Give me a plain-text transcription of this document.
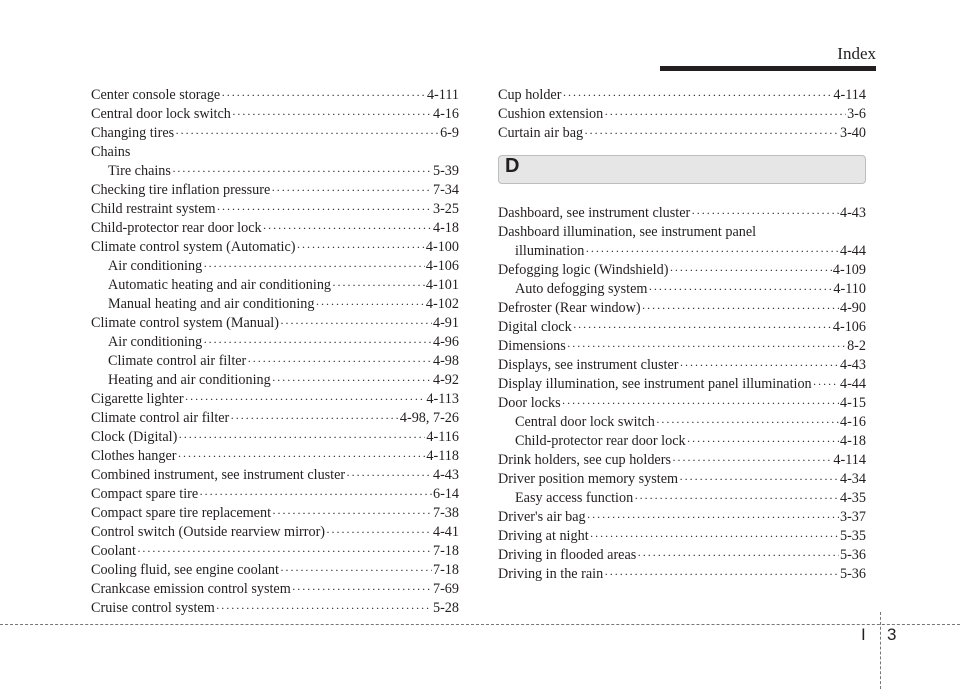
Index
Center console storage ·····	4-111
Central door lock switch ·····	4-16
Changing tires ·····	6-9
Chains
Tire chains ·····	5-39
Checking tire inflation pressure ·····	7-34
Child restraint system ·····	3-25
Child-protector rear door lock ·····	4-18
Climate control system (Automatic) ·····	4-100
Air conditioning ·····	4-106
Automatic heating and air conditioning ·····	4-101
Manual heating and air conditioning ·····	4-102
Climate control system (Manual) ·····	4-91
Air conditioning ·····	4-96
Climate control air filter ·····	4-98
Heating and air conditioning ·····	4-92
Cigarette lighter ·····	4-113
Climate control air filter ·····	4-98, 7-26
Clock (Digital) ·····	4-116
Clothes hanger ·····	4-118
Combined instrument, see instrument cluster ·····	4-43
Compact spare tire ·····	6-14
Compact spare tire replacement ·····	7-38
Control switch (Outside rearview mirror) ·····	4-41
Coolant ·····	7-18
Cooling fluid, see engine coolant ·····	7-18
Crankcase emission control system ·····	7-69
Cruise control system ·····	5-28
Cup holder ·····	4-114
Cushion extension ·····	3-6
Curtain air bag ·····	3-40
D
Dashboard, see instrument cluster ·····	4-43
Dashboard illumination, see instrument panel
illumination ·····	4-44
Defogging logic (Windshield) ·····	4-109
Auto defogging system ·····	4-110
Defroster (Rear window) ·····	4-90
Digital clock ·····	4-106
Dimensions ·····	8-2
Displays, see instrument cluster ·····	4-43
Display illumination, see instrument panel illumination ····· 4-44
Door locks ·····	4-15
Central door lock switch ·····	4-16
Child-protector rear door lock ·····	4-18
Drink holders, see cup holders ·····	4-114
Driver position memory system ·····	4-34
Easy access function ·····	4-35
Driver's air bag ·····	3-37
Driving at night ·····	5-35
Driving in flooded areas ·····	5-36
Driving in the rain ·····	5-36
I 3
